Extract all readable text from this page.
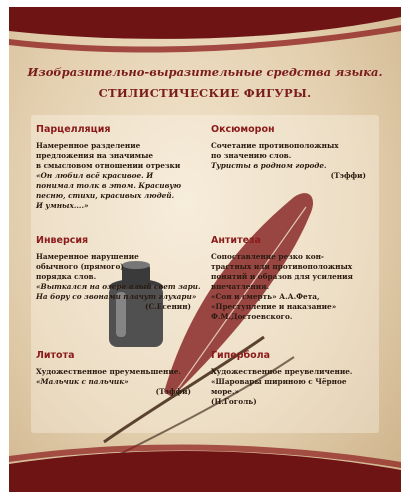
Изобразительно-выразительные средства языка.
СТИЛИСТИЧЕСКИЕ ФИГУРЫ.
Парцелляция

Намеренное разделение

предложения на значимые

в смысловом отношении отрезки

«Он любил всё красивое. И

понимал толк в этом. Красивую

песню, стихи, красивых людей.

И умных....»

Оксюморон

Сочетание противоположных

по значению слов.

Туристы в родном городе.

(Тэффи)

Инверсия

Намеренное нарушение

обычного (прямого)

порядка слов.

«Выткался на озере алый свет зари.

На бору со звонами плачут глухари»

(С.Есенин)

Антитеза

Сопоставление резко кон-

трастных или противоположных

понятий и образов для усиления

впечатления.

«Сон и смерть» А.А.Фета,

«Преступление и наказание»

Ф.М.Достоевского.

Литота

Художественное преуменьшение.

«Мальчик с пальчик»

(Тэффи)

Гипербола

Художественное преувеличение.

«Шаровары шириною с Чёрное

море.»

(Н.Гоголь)
